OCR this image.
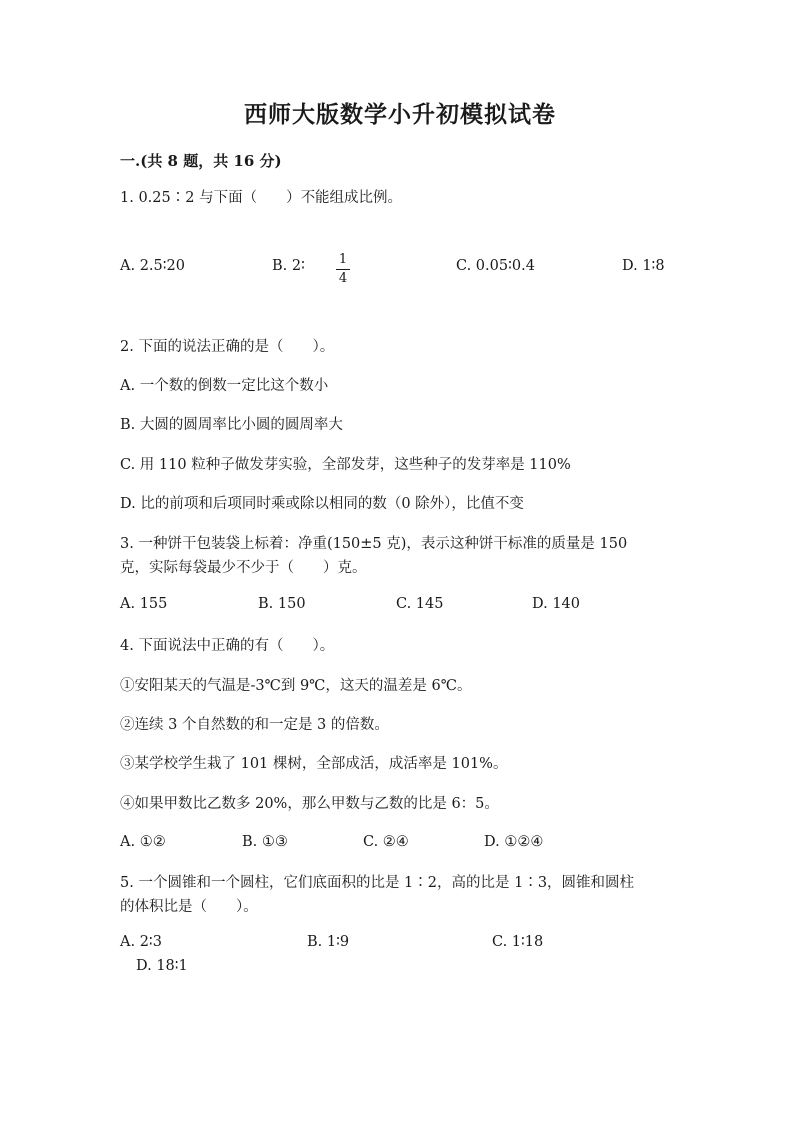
西师大版数学小升初模拟试卷
一.(共 8 题，共 16 分)
1. 0.25∶2 与下面（　　）不能组成比例。
A. 2.5∶20	B. 2∶ $\frac{1}{4}$	C. 0.05∶0.4	D. 1∶8
2. 下面的说法正确的是（　　）。
A. 一个数的倒数一定比这个数小
B. 大圆的圆周率比小圆的圆周率大
C. 用 110 粒种子做发芽实验，全部发芽，这些种子的发芽率是 110%
D. 比的前项和后项同时乘或除以相同的数（0 除外），比值不变
3. 一种饼干包装袋上标着：净重(150±5 克)，表示这种饼干标准的质量是 150
克，实际每袋最少不少于（　　）克。
A. 155	B. 150	C. 145	D. 140
4. 下面说法中正确的有（　　）。
①安阳某天的气温是-3℃到 9℃，这天的温差是 6℃。
②连续 3 个自然数的和一定是 3 的倍数。
③某学校学生栽了 101 棵树，全部成活，成活率是 101%。
④如果甲数比乙数多 20%，那么甲数与乙数的比是 6：5。
A. ①②	B. ①③	C. ②④	D. ①②④
5. 一个圆锥和一个圆柱，它们底面积的比是 1∶2，高的比是 1∶3，圆锥和圆柱
的体积比是（　　）。
A. 2∶3	B. 1∶9	C. 1∶18
D. 18∶1
